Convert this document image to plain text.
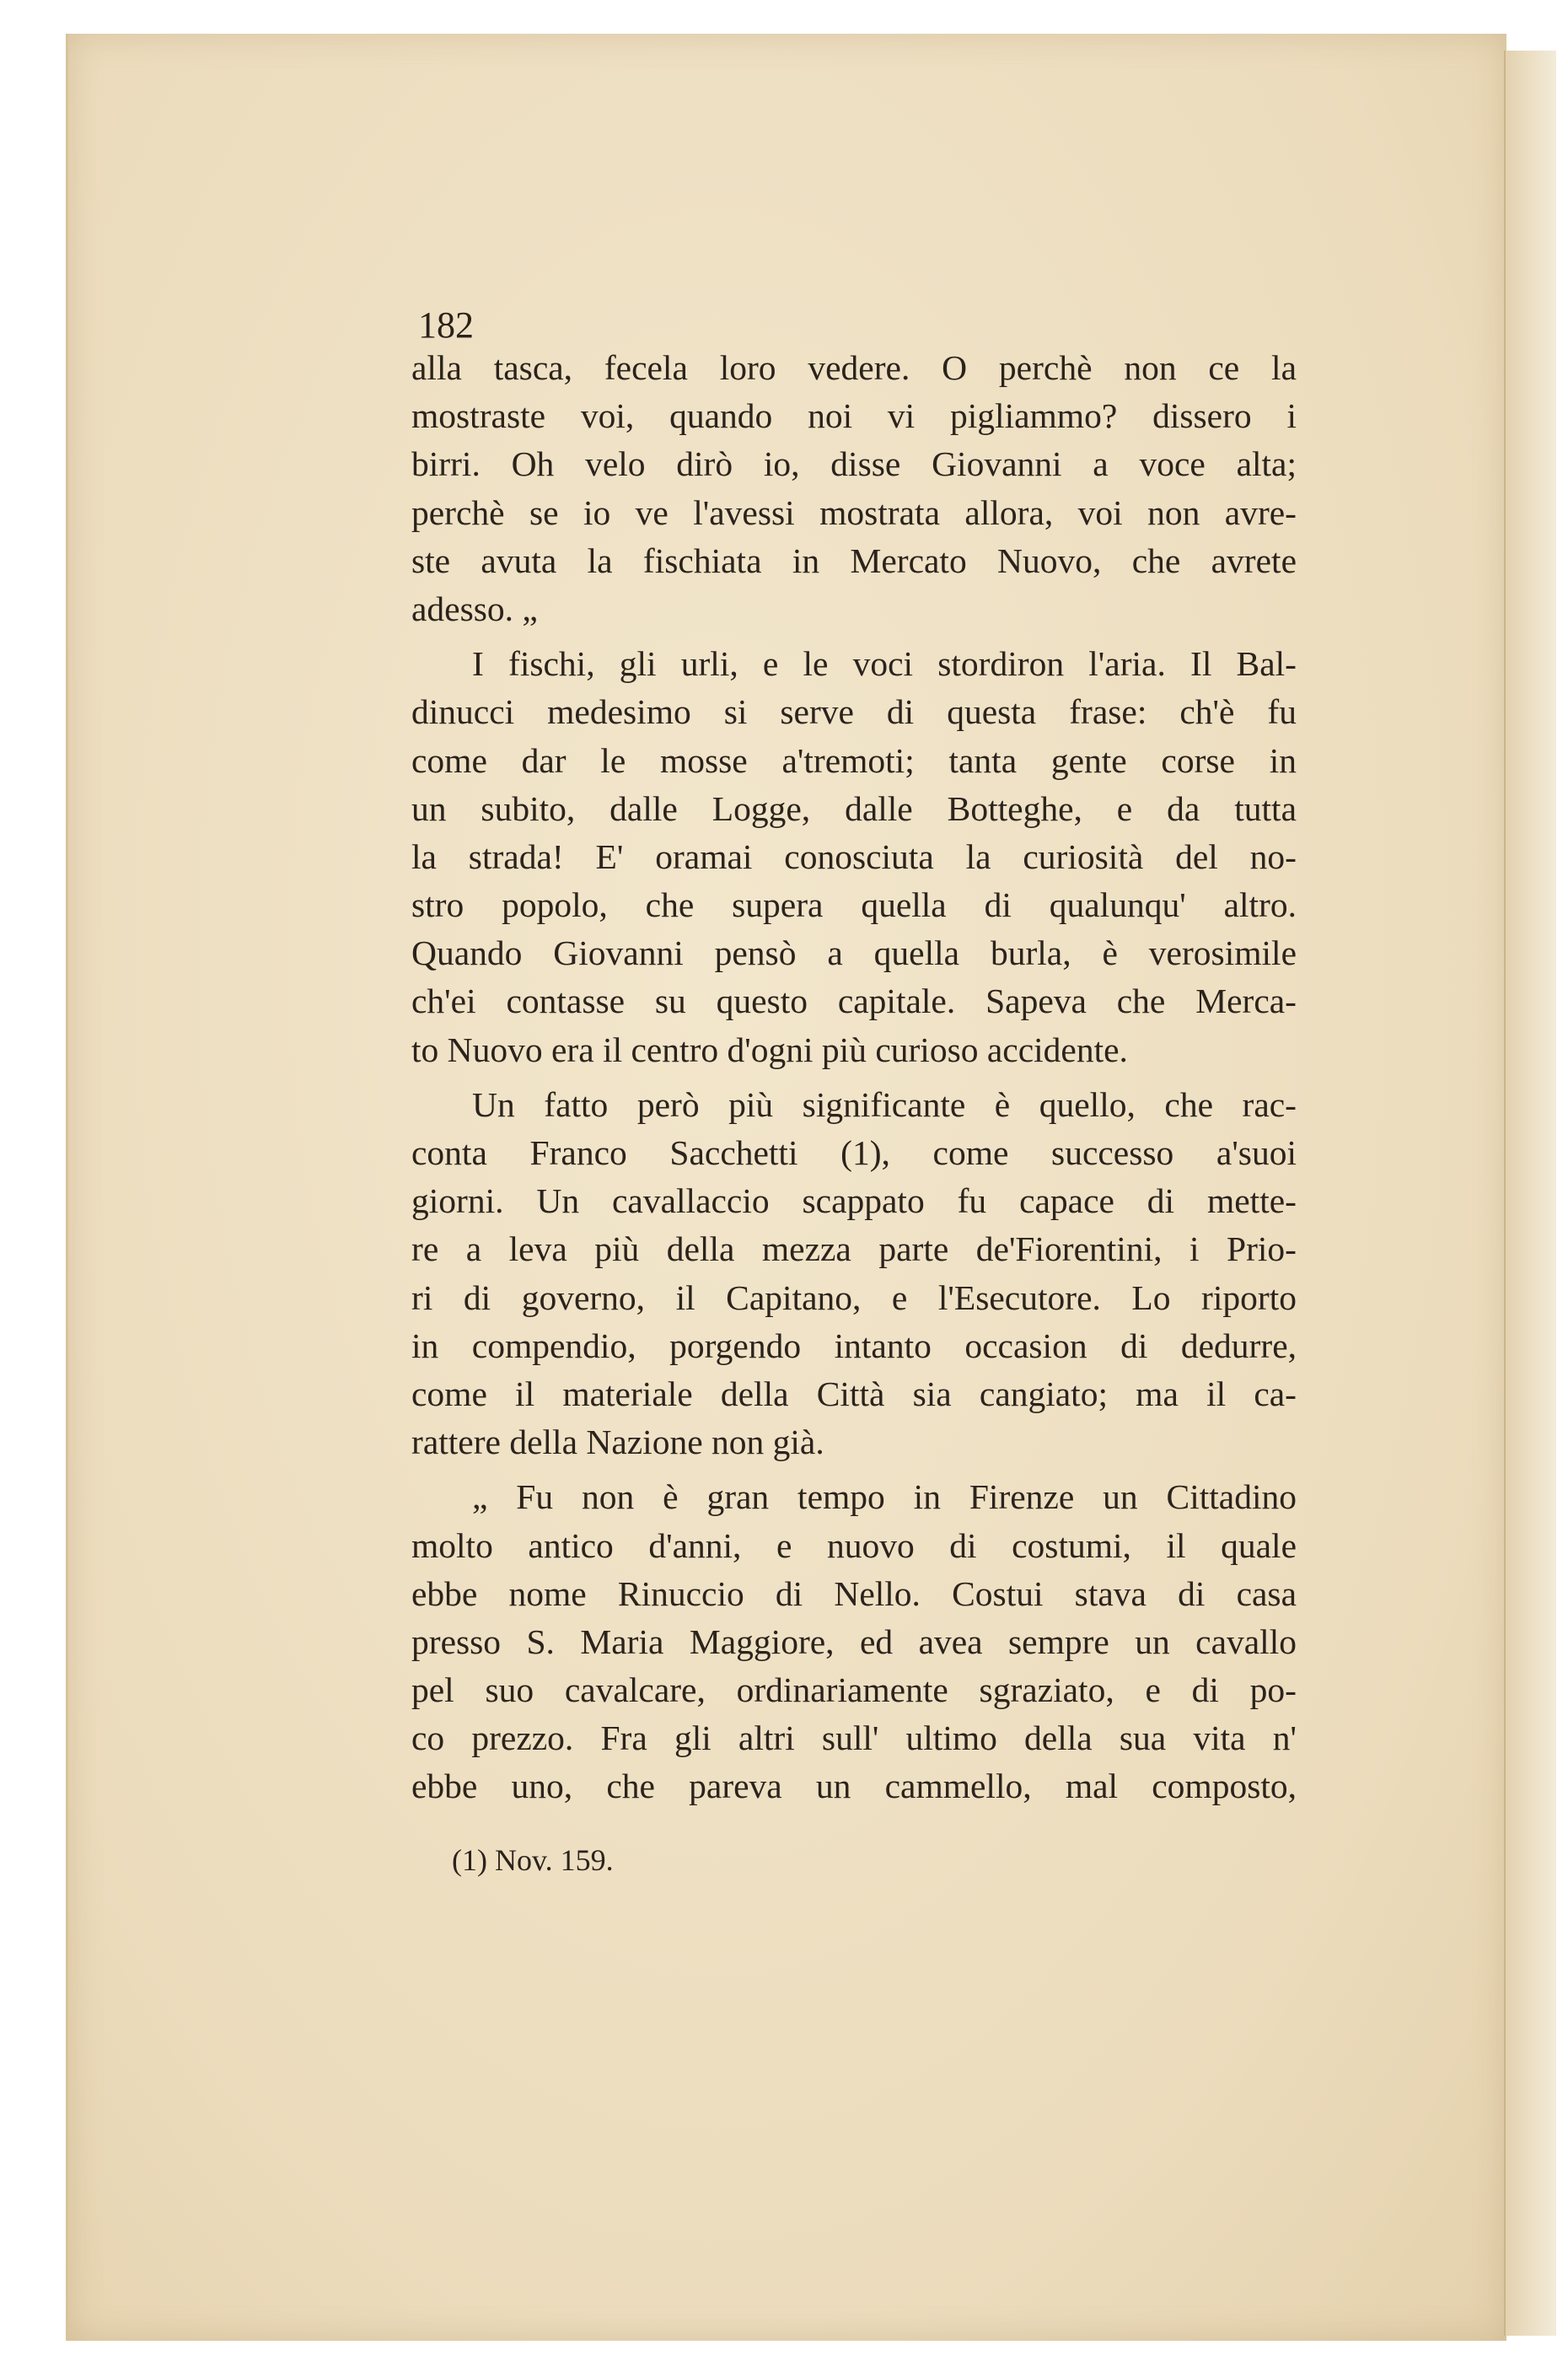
182
alla tasca, fecela loro vedere. O perchè non ce la
mostraste voi, quando noi vi pigliammo? dissero i
birri. Oh velo dirò io, disse Giovanni a voce alta;
perchè se io ve l'avessi mostrata allora, voi non avre-
ste avuta la fischiata in Mercato Nuovo, che avrete
adesso. „
I fischi, gli urli, e le voci stordiron l'aria. Il Bal-
dinucci medesimo si serve di questa frase: ch'è fu
come dar le mosse a'tremoti; tanta gente corse in
un subito, dalle Logge, dalle Botteghe, e da tutta
la strada! E' oramai conosciuta la curiosità del no-
stro popolo, che supera quella di qualunqu' altro.
Quando Giovanni pensò a quella burla, è verosimile
ch'ei contasse su questo capitale. Sapeva che Merca-
to Nuovo era il centro d'ogni più curioso accidente.
Un fatto però più significante è quello, che rac-
conta Franco Sacchetti (1), come successo a'suoi
giorni. Un cavallaccio scappato fu capace di mette-
re a leva più della mezza parte de'Fiorentini, i Prio-
ri di governo, il Capitano, e l'Esecutore. Lo riporto
in compendio, porgendo intanto occasion di dedurre,
come il materiale della Città sia cangiato; ma il ca-
rattere della Nazione non già.
„ Fu non è gran tempo in Firenze un Cittadino
molto antico d'anni, e nuovo di costumi, il quale
ebbe nome Rinuccio di Nello. Costui stava di casa
presso S. Maria Maggiore, ed avea sempre un cavallo
pel suo cavalcare, ordinariamente sgraziato, e di po-
co prezzo. Fra gli altri sull' ultimo della sua vita n'
ebbe uno, che pareva un cammello, mal composto,
(1) Nov. 159.
